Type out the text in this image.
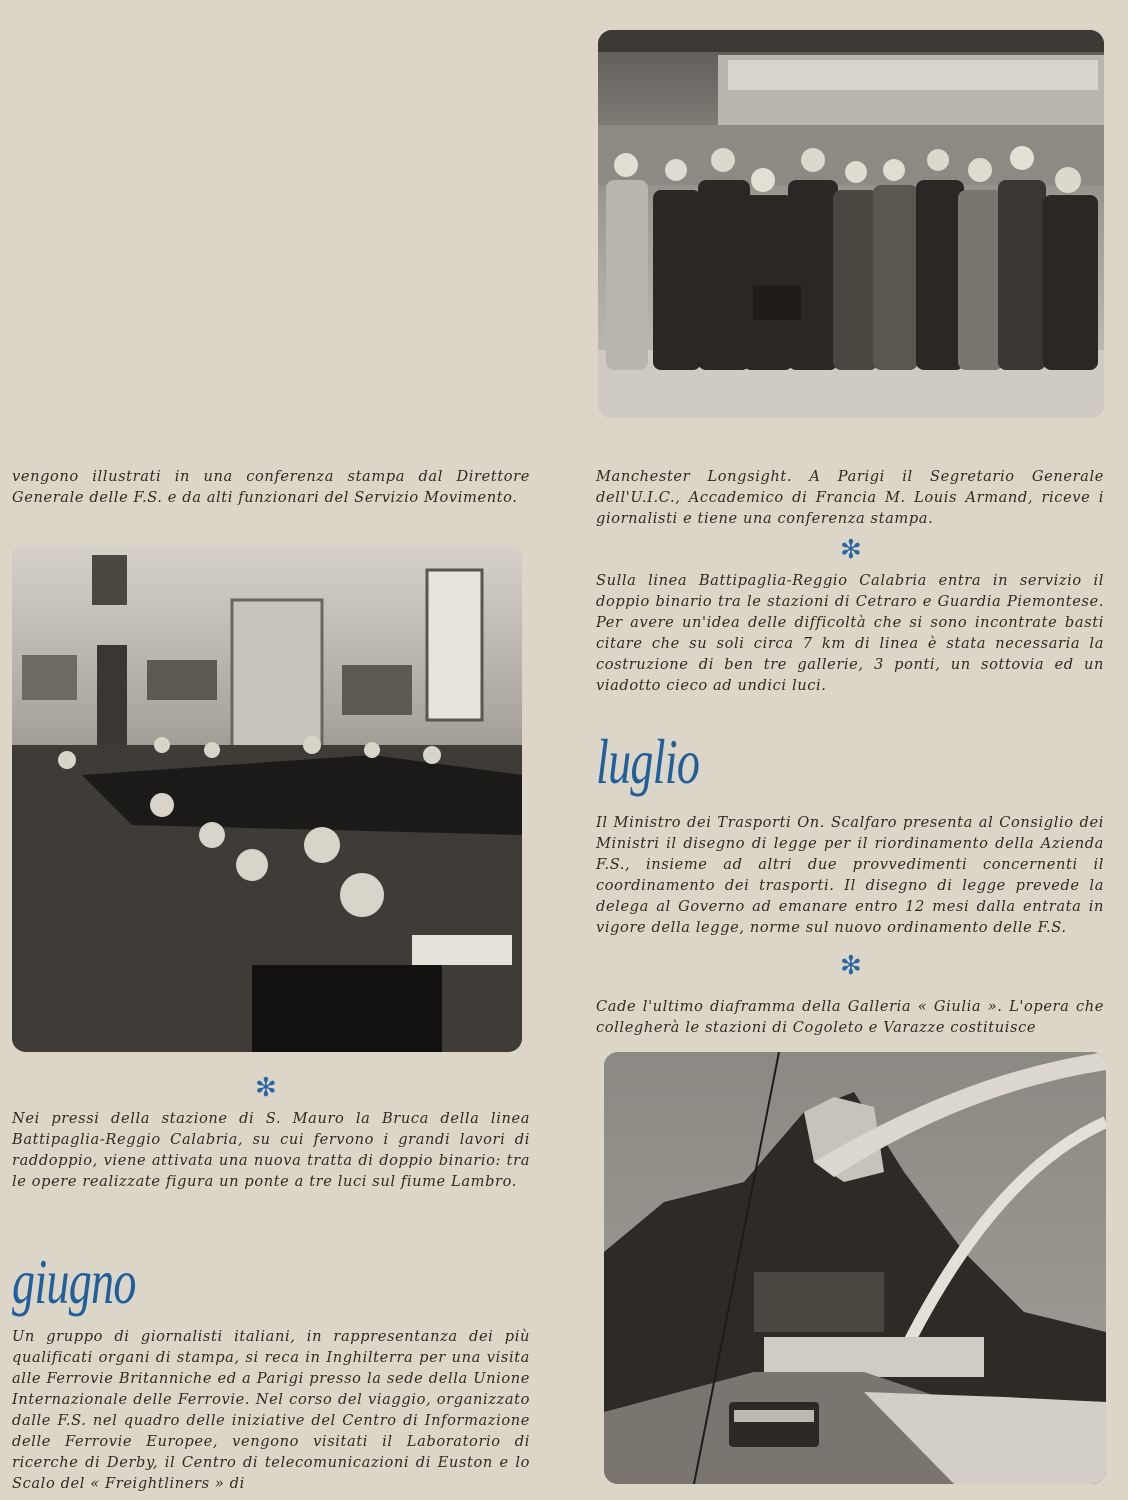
vengono illustrati in una conferenza stampa dal Direttore Generale delle F.S. e da alti funzionari del Servizio Movimento.

Manchester Longsight. A Parigi il Segretario Generale dell'U.I.C., Accademico di Francia M. Louis Armand, riceve i giornalisti e tiene una conferenza stampa.

✻

Sulla linea Battipaglia-Reggio Calabria entra in servizio il doppio binario tra le stazioni di Cetraro e Guardia Piemontese. Per avere un'idea delle difficoltà che si sono incontrate basti citare che su soli circa 7 km di linea è stata necessaria la costruzione di ben tre gallerie, 3 ponti, un sottovia ed un viadotto cieco ad undici luci.

luglio

Il Ministro dei Trasporti On. Scalfaro presenta al Consiglio dei Ministri il disegno di legge per il riordinamento della Azienda F.S., insieme ad altri due provvedimenti concernenti il coordinamento dei trasporti. Il disegno di legge prevede la delega al Governo ad emanare entro 12 mesi dalla entrata in vigore della legge, norme sul nuovo ordinamento delle F.S.

✻

Cade l'ultimo diaframma della Galleria « Giulia ». L'opera che collegherà le stazioni di Cogoleto e Varazze costituisce

✻

Nei pressi della stazione di S. Mauro la Bruca della linea Battipaglia-Reggio Calabria, su cui fervono i grandi lavori di raddoppio, viene attivata una nuova tratta di doppio binario: tra le opere realizzate figura un ponte a tre luci sul fiume Lambro.

giugno

Un gruppo di giornalisti italiani, in rappresentanza dei più qualificati organi di stampa, si reca in Inghilterra per una visita alle Ferrovie Britanniche ed a Parigi presso la sede della Unione Internazionale delle Ferrovie. Nel corso del viaggio, organizzato dalle F.S. nel quadro delle iniziative del Centro di Informazione delle Ferrovie Europee, vengono visitati il Laboratorio di ricerche di Derby, il Centro di telecomunicazioni di Euston e lo Scalo del « Freightliners » di
